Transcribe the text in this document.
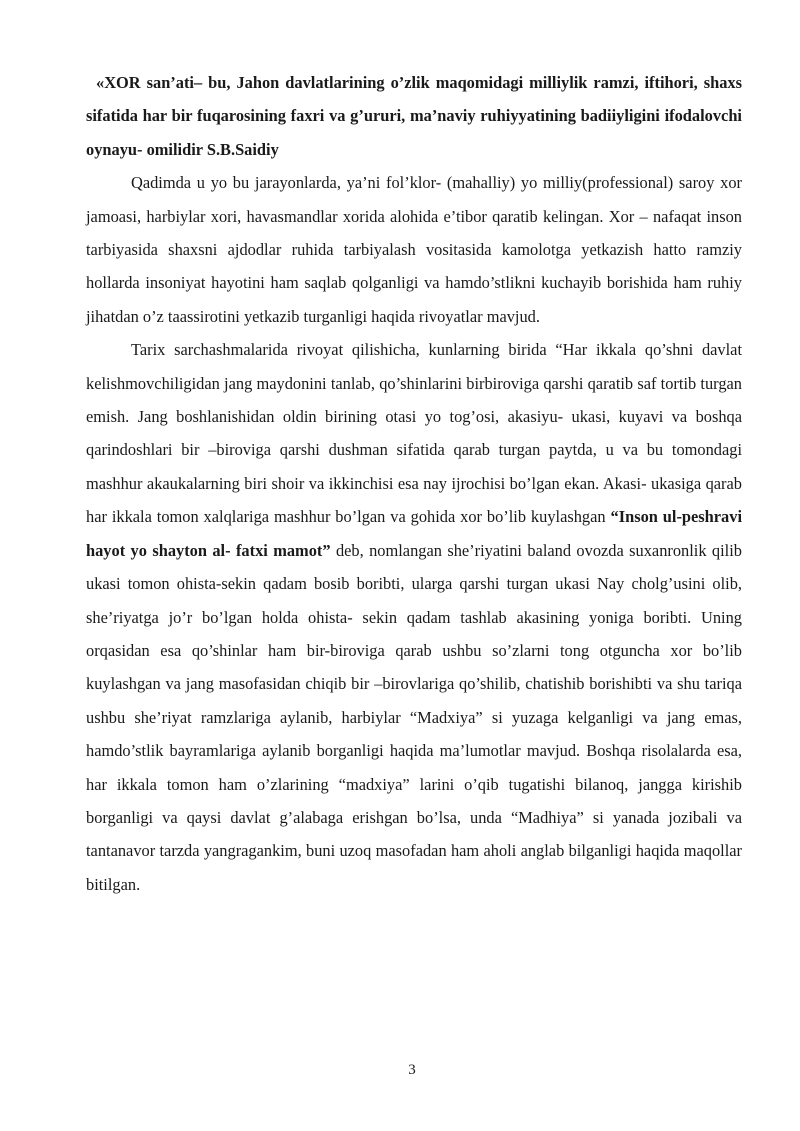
«XOR san’ati– bu, Jahon davlatlarining o’zlik maqomidagi milliylik ramzi, iftihori, shaxs sifatida har bir fuqarosining faxri va g’ururi, ma’naviy ruhiyyatining badiiyligini ifodalovchi oynayu- omilidir S.B.Saidiy

Qadimda u yo bu jarayonlarda, ya’ni fol’klor- (mahalliy) yo milliy(professional) saroy xor jamoasi, harbiylar xori, havasmandlar xorida alohida e’tibor qaratib kelingan. Xor – nafaqat inson tarbiyasida shaxsni ajdodlar ruhida tarbiyalash vositasida kamolotga yetkazish hatto ramziy hollarda insoniyat hayotini ham saqlab qolganligi va hamdo’stlikni kuchayib borishida ham ruhiy jihatdan o’z taassirotini yetkazib turganligi haqida rivoyatlar mavjud.

Tarix sarchashmalarida rivoyat qilishicha, kunlarning birida “Har ikkala qo’shni davlat kelishmovchiligidan jang maydonini tanlab, qo’shinlarini birbiroviga qarshi qaratib saf tortib turgan emish. Jang boshlanishidan oldin birining otasi yo tog’osi, akasiyu- ukasi, kuyavi va boshqa qarindoshlari bir –biroviga qarshi dushman sifatida qarab turgan paytda, u va bu tomondagi mashhur akaukalarning biri shoir va ikkinchisi esa nay ijrochisi bo’lgan ekan. Akasi- ukasiga qarab har ikkala tomon xalqlariga mashhur bo’lgan va gohida xor bo’lib kuylashgan “Inson ul-peshravi hayot yo shayton al- fatxi mamot” deb, nomlangan she’riyatini baland ovozda suxanronlik qilib ukasi tomon ohista-sekin qadam bosib boribti, ularga qarshi turgan ukasi Nay cholg’usini olib, she’riyatga jo’r bo’lgan holda ohista- sekin qadam tashlab akasining yoniga boribti. Uning orqasidan esa qo’shinlar ham bir-biroviga qarab ushbu so’zlarni tong otguncha xor bo’lib kuylashgan va jang masofasidan chiqib bir –birovlariga qo’shilib, chatishib borishibti va shu tariqa ushbu she’riyat ramzlariga aylanib, harbiylar “Madxiya” si yuzaga kelganligi va jang emas, hamdo’stlik bayramlariga aylanib borganligi haqida ma’lumotlar mavjud. Boshqa risolalarda esa, har ikkala tomon ham o’zlarining “madxiya” larini o’qib tugatishi bilanoq, jangga kirishib borganligi va qaysi davlat g’alabaga erishgan bo’lsa, unda “Madhiya” si yanada jozibali va tantanavor tarzda yangragankim, buni uzoq masofadan ham aholi anglab bilganligi haqida maqollar bitilgan.

3
